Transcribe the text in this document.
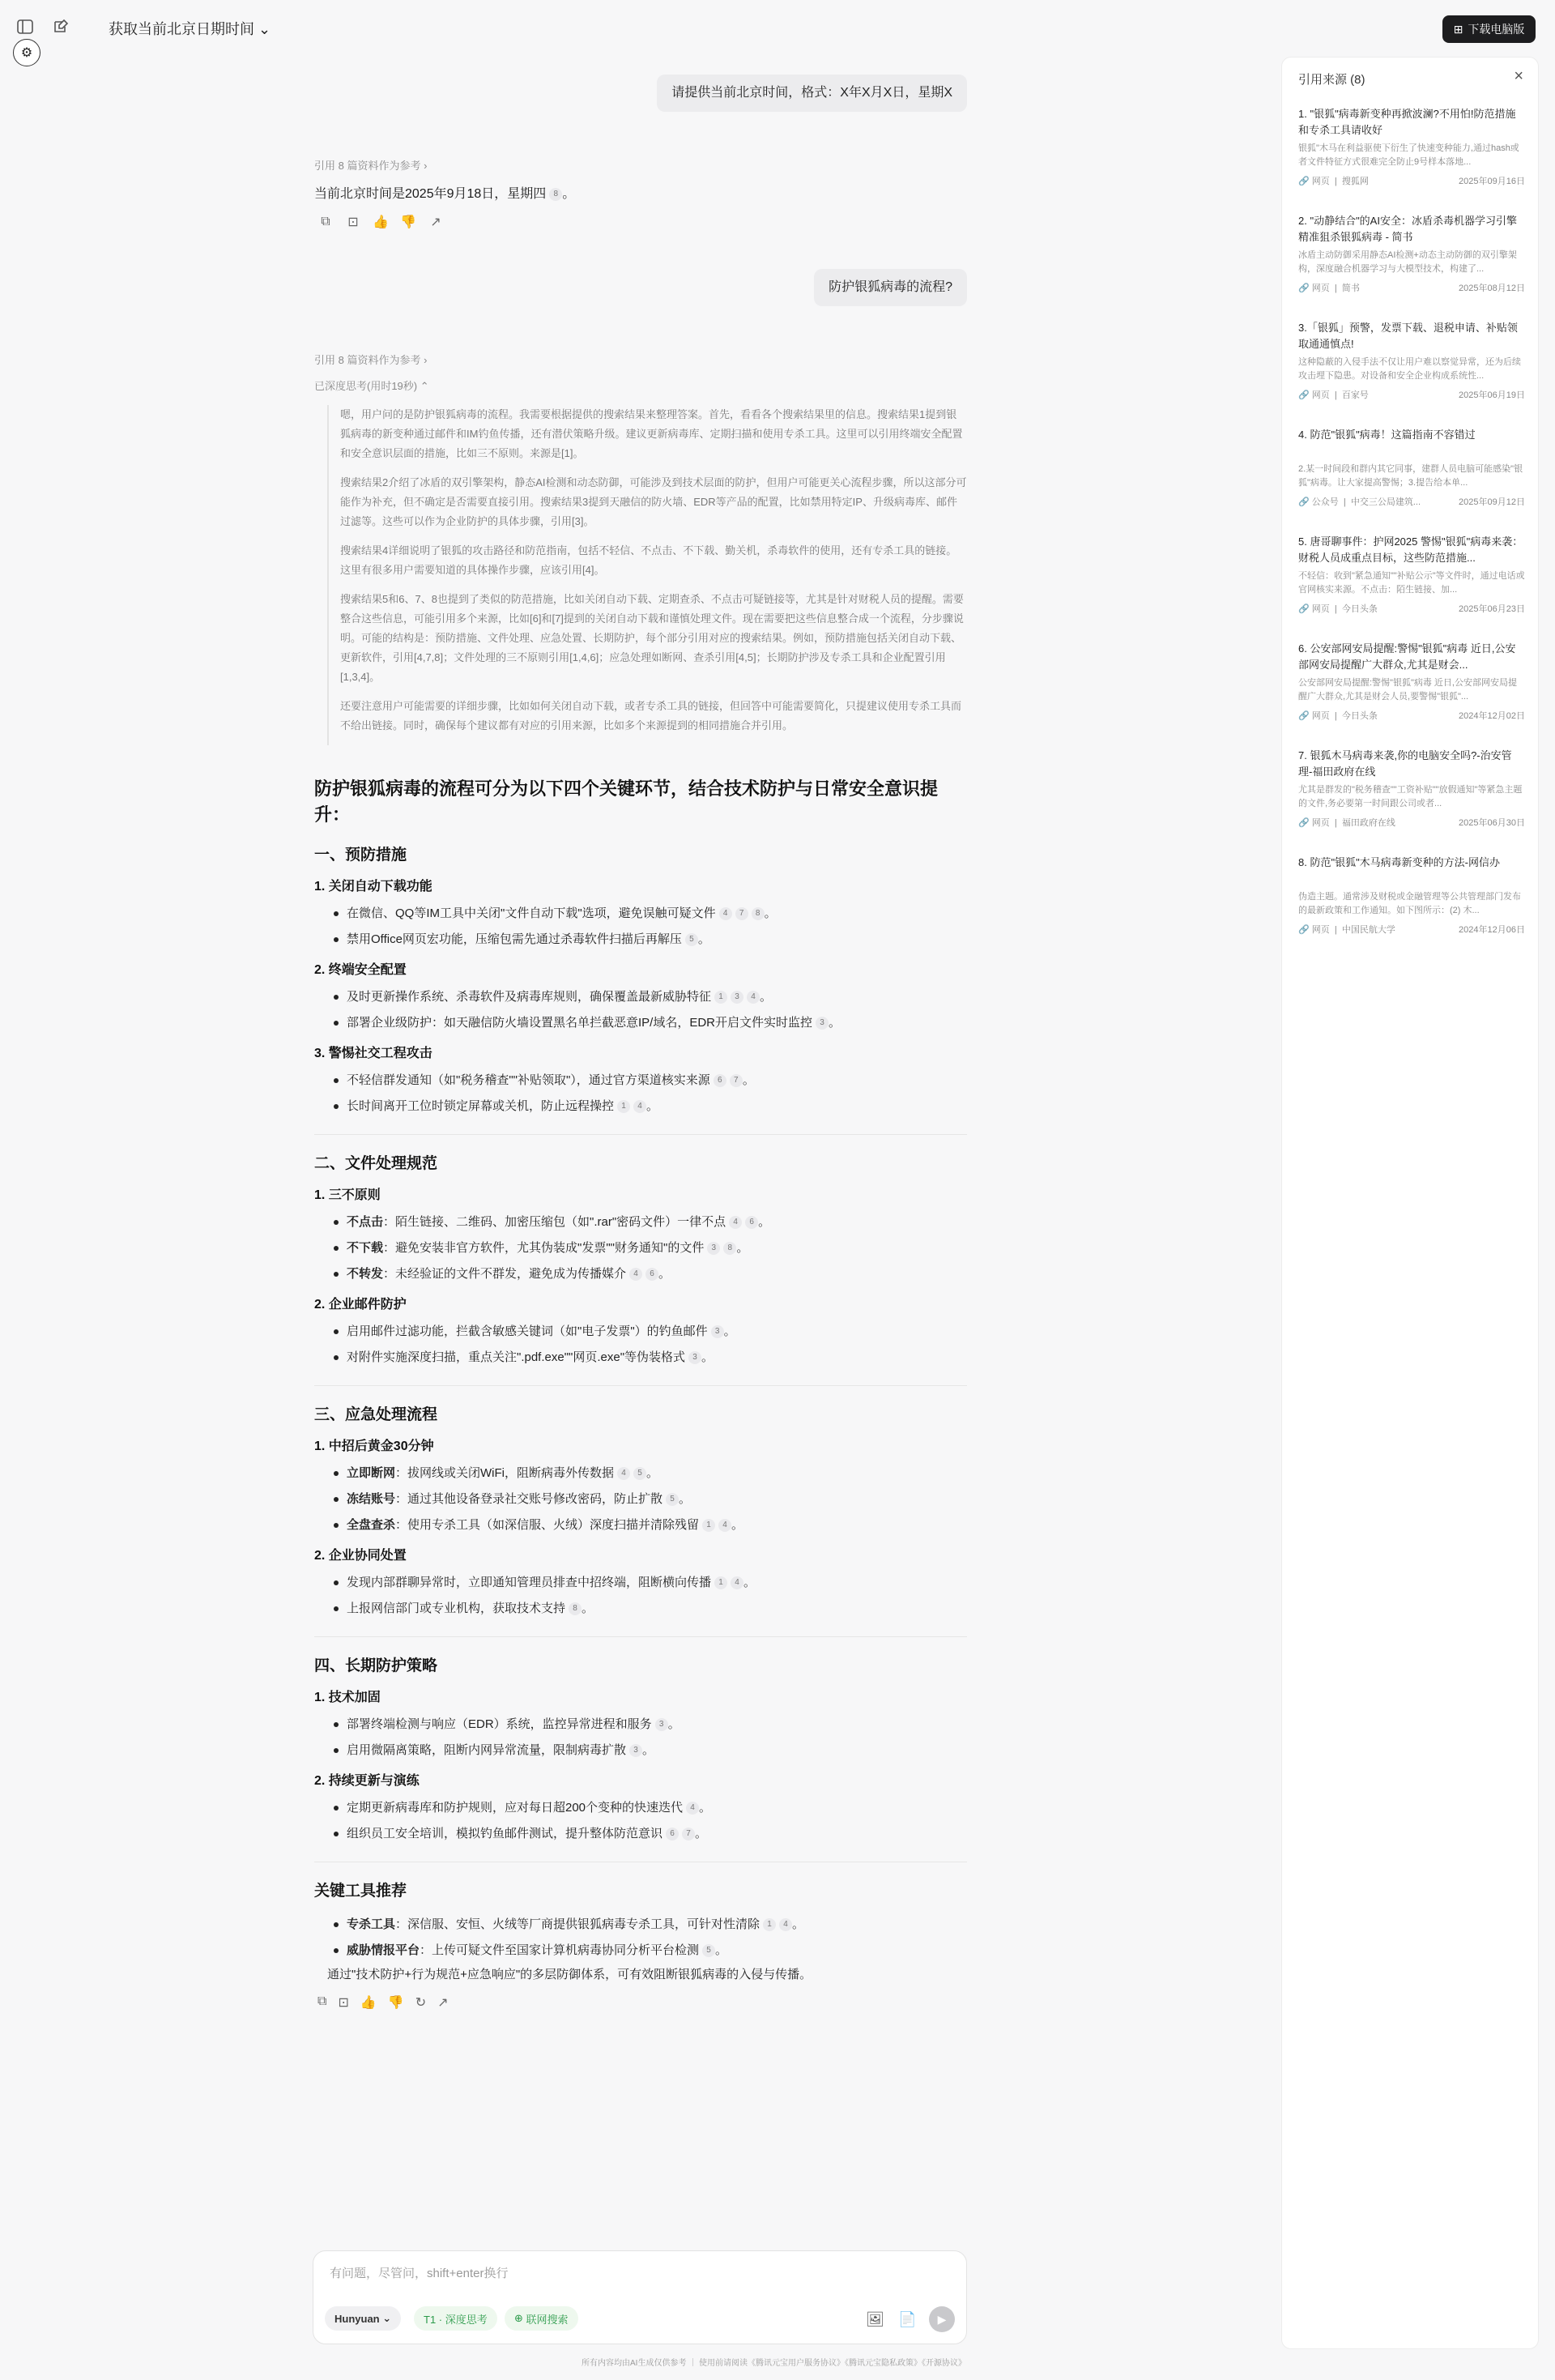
获取当前北京日期时间 ⌄	⊞ 下载电脑版
⚙
请提供当前北京时间，格式：X年X月X日，星期X
引用 8 篇资料作为参考 ›
当前北京时间是2025年9月18日，星期四 8 。
⧉ ⊡ 👍 👎 ↗
防护银狐病毒的流程?
引用 8 篇资料作为参考 ›
已深度思考(用时19秒) ⌃

嗯，用户问的是防护银狐病毒的流程。我需要根据提供的搜索结果来整理答案。首先，看看各个搜索结果里的信息。搜索结果1提到银狐病毒的新变种通过邮件和IM钓鱼传播，还有潜伏策略升级。建议更新病毒库、定期扫描和使用专杀工具。这里可以引用终端安全配置和安全意识层面的措施，比如三不原则。来源是[1]。

搜索结果2介绍了冰盾的双引擎架构，静态AI检测和动态防御，可能涉及到技术层面的防护，但用户可能更关心流程步骤，所以这部分可能作为补充，但不确定是否需要直接引用。搜索结果3提到天融信的防火墙、EDR等产品的配置，比如禁用特定IP、升级病毒库、邮件过滤等。这些可以作为企业防护的具体步骤，引用[3]。

搜索结果4详细说明了银狐的攻击路径和防范指南，包括不轻信、不点击、不下载、勤关机，杀毒软件的使用，还有专杀工具的链接。这里有很多用户需要知道的具体操作步骤，应该引用[4]。

搜索结果5和6、7、8也提到了类似的防范措施，比如关闭自动下载、定期查杀、不点击可疑链接等，尤其是针对财税人员的提醒。需要整合这些信息，可能引用多个来源，比如[6]和[7]提到的关闭自动下载和谨慎处理文件。现在需要把这些信息整合成一个流程，分步骤说明。可能的结构是：预防措施、文件处理、应急处置、长期防护，每个部分引用对应的搜索结果。例如，预防措施包括关闭自动下载、更新软件，引用[4,7,8]；文件处理的三不原则引用[1,4,6]；应急处理如断网、查杀引用[4,5]；长期防护涉及专杀工具和企业配置引用[1,3,4]。

还要注意用户可能需要的详细步骤，比如如何关闭自动下载，或者专杀工具的链接，但回答中可能需要简化，只提建议使用专杀工具而不给出链接。同时，确保每个建议都有对应的引用来源，比如多个来源提到的相同措施合并引用。

防护银狐病毒的流程可分为以下四个关键环节，结合技术防护与日常安全意识提升：
一、预防措施
1. 关闭自动下载功能
在微信、QQ等IM工具中关闭"文件自动下载"选项，避免误触可疑文件 4 7 8 。
禁用Office网页宏功能，压缩包需先通过杀毒软件扫描后再解压 5 。
2. 终端安全配置
及时更新操作系统、杀毒软件及病毒库规则，确保覆盖最新威胁特征 1 3 4 。
部署企业级防护：如天融信防火墙设置黑名单拦截恶意IP/域名，EDR开启文件实时监控 3 。
3. 警惕社交工程攻击
不轻信群发通知（如"税务稽查""补贴领取"），通过官方渠道核实来源 6 7 。
长时间离开工位时锁定屏幕或关机，防止远程操控 1 4 。
二、文件处理规范
1. 三不原则
不点击：陌生链接、二维码、加密压缩包（如".rar"密码文件）一律不点 4 6 。
不下载：避免安装非官方软件，尤其伪装成"发票""财务通知"的文件 3 8 。
不转发：未经验证的文件不群发，避免成为传播媒介 4 6 。
2. 企业邮件防护
启用邮件过滤功能，拦截含敏感关键词（如"电子发票"）的钓鱼邮件 3 。
对附件实施深度扫描，重点关注".pdf.exe""网页.exe"等伪装格式 3 。
三、应急处理流程
1. 中招后黄金30分钟
立即断网：拔网线或关闭WiFi，阻断病毒外传数据 4 5 。
冻结账号：通过其他设备登录社交账号修改密码，防止扩散 5 。
全盘查杀：使用专杀工具（如深信服、火绒）深度扫描并清除残留 1 4 。
2. 企业协同处置
发现内部群聊异常时，立即通知管理员排查中招终端，阻断横向传播 1 4 。
上报网信部门或专业机构，获取技术支持 8 。
四、长期防护策略
1. 技术加固
部署终端检测与响应（EDR）系统，监控异常进程和服务 3 。
启用微隔离策略，阻断内网异常流量，限制病毒扩散 3 。
2. 持续更新与演练
定期更新病毒库和防护规则，应对每日超200个变种的快速迭代 4 。
组织员工安全培训，模拟钓鱼邮件测试，提升整体防范意识 6 7 。
关键工具推荐
专杀工具：深信服、安恒、火绒等厂商提供银狐病毒专杀工具，可针对性清除 1 4 。
威胁情报平台：上传可疑文件至国家计算机病毒协同分析平台检测 5 。
通过"技术防护+行为规范+应急响应"的多层防御体系，可有效阻断银狐病毒的入侵与传播。
⧉ ⊡ 👍 👎 ↻ ↗
有问题，尽管问，shift+enter换行
Hunyuan
⌄	T1 · 深度思考	⊕
联网搜索	🖼 📄	▶
所有内容均由AI生成仅供参考 ｜ 使用前请阅读《腾讯元宝用户服务协议》《腾讯元宝隐私政策》《开源协议》
引用来源 (8)	×
1. "银狐"病毒新变种再掀波澜?不用怕!防范措施和专杀工具请收好
银狐"木马在利益驱使下衍生了快速变种能力,通过hash或者文件特征方式很难完全防止9号样本落地...
🔗 网页  |  搜狐网	2025年09月16日
2. "动静结合"的AI安全：冰盾杀毒机器学习引擎精准狙杀银狐病毒 - 简书
冰盾主动防御采用静态AI检测+动态主动防御的双引擎架构，深度融合机器学习与大模型技术，构建了...
🔗 网页  |  简书	2025年08月12日
3.「银狐」预警，发票下载、退税申请、补贴领取通通慎点!
这种隐蔽的入侵手法不仅让用户难以察觉异常，还为后续攻击埋下隐患。对设备和安全企业构成系统性...
🔗 网页  |  百家号	2025年06月19日
4. 防范"银狐"病毒！这篇指南不容错过
2.某一时间段和群内其它同事，建群人员电脑可能感染"银狐"病毒。让大家提高警惕；3.提告给本单...
🔗 公众号  |  中交三公局建筑...	2025年09月12日
5. 唐哥聊事件：护网2025 警惕"银狐"病毒来袭：财税人员成重点目标，这些防范措施...
不轻信：收到"紧急通知""补贴公示"等文件时，通过电话或官网核实来源。不点击：陌生链接、加...
🔗 网页  |  今日头条	2025年06月23日
6. 公安部网安局提醒:警惕"银狐"病毒 近日,公安部网安局提醒广大群众,尤其是财会...
公安部网安局提醒:警惕"银狐"病毒 近日,公安部网安局提醒广大群众,尤其是财会人员,要警惕"银狐"...
🔗 网页  |  今日头条	2024年12月02日
7. 银狐木马病毒来袭,你的电脑安全吗?-治安管理-福田政府在线
尤其是群发的"税务稽查""工资补贴""放假通知"等紧急主题的文件,务必要第一时间跟公司或者...
🔗 网页  |  福田政府在线	2025年06月30日
8. 防范"银狐"木马病毒新变种的方法-网信办
伪造主题。通常涉及财税或金融管理等公共管理部门发布的最新政策和工作通知。如下图所示：(2) 木...
🔗 网页  |  中国民航大学	2024年12月06日
